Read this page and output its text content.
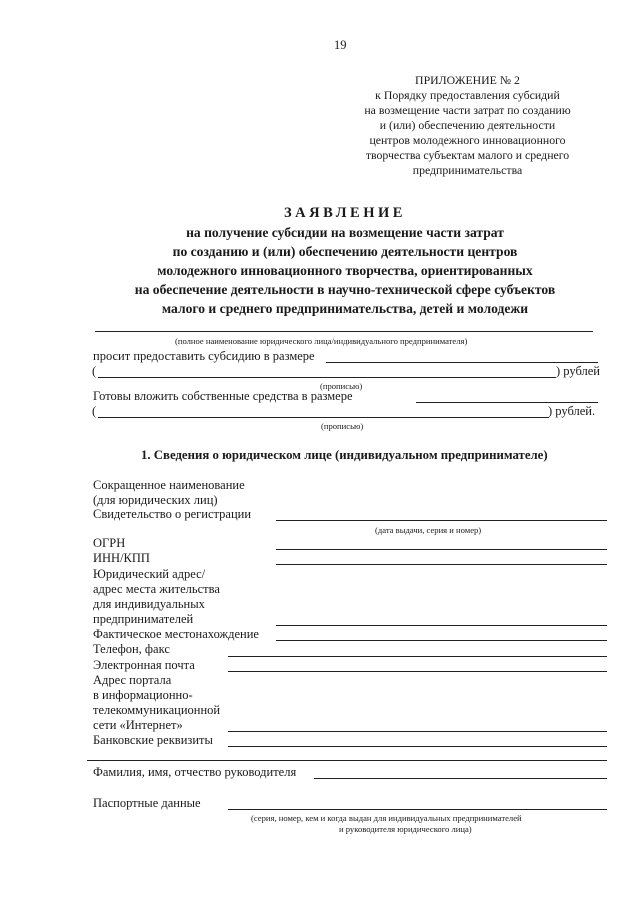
19
ПРИЛОЖЕНИЕ № 2
к Порядку предоставления субсидий
на возмещение части затрат по созданию
и (или) обеспечению деятельности
центров молодежного инновационного
творчества субъектам малого и среднего
предпринимательства
ЗАЯВЛЕНИЕ
на получение субсидии на возмещение части затрат
по созданию и (или) обеспечению деятельности центров
молодежного инновационного творчества, ориентированных
на обеспечение деятельности в научно-технической сфере субъектов
малого и среднего предпринимательства, детей и молодежи
(полное наименование юридического лица/индивидуального предпринимателя)
просит предоставить субсидию в размере
(	) рублей
(прописью)
Готовы вложить собственные средства в размере
(	) рублей.
(прописью)
1. Сведения о юридическом лице (индивидуальном предпринимателе)
Сокращенное наименование
(для юридических лиц)
Свидетельство о регистрации
(дата выдачи, серия и номер)
ОГРН
ИНН/КПП
Юридический адрес/
адрес места жительства
для индивидуальных
предпринимателей
Фактическое местонахождение
Телефон, факс
Электронная почта
Адрес портала
в информационно-
телекоммуникационной
сети «Интернет»
Банковские реквизиты
Фамилия, имя, отчество руководителя
Паспортные данные
(серия, номер, кем и когда выдан для индивидуальных предпринимателей
и руководителя юридического лица)
